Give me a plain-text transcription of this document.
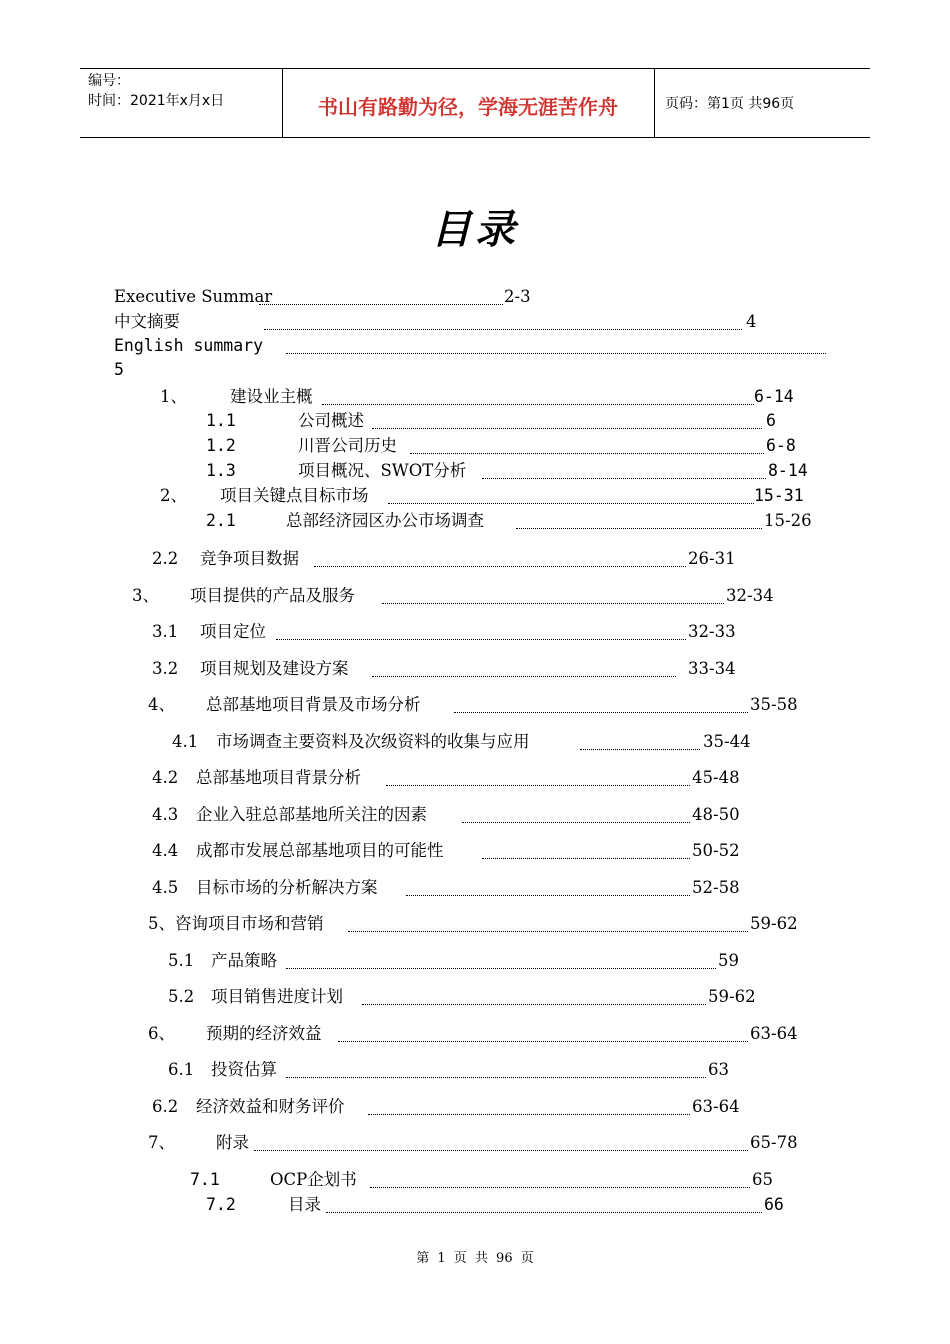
编号：
时间：2021年x月x日	书山有路勤为径，学海无涯苦作舟	页码：第1页 共96页
目录
Executive Summar	2-3
中文摘要	4
English summary
5
1、	建设业主概	6-14
1.1	公司概述	6
1.2	川晋公司历史	6-8
1.3	项目概况、SWOT分析	8-14
2、 项目关键点目标市场	15-31
2.1	总部经济园区办公市场调查	15-26
2.2 竞争项目数据	26-31
3、 项目提供的产品及服务	32-34
3.1 项目定位	32-33
3.2 项目规划及建设方案	33-34
4、 总部基地项目背景及市场分析	35-58
4.1 市场调查主要资料及次级资料的收集与应用	35-44
4.2 总部基地项目背景分析	45-48
4.3 企业入驻总部基地所关注的因素	48-50
4.4 成都市发展总部基地项目的可能性	50-52
4.5 目标市场的分析解决方案	52-58
5、咨询项目市场和营销	59-62
5.1 产品策略	59
5.2 项目销售进度计划	59-62
6、 预期的经济效益	63-64
6.1 投资估算	63
6.2 经济效益和财务评价	63-64
7、 附录	65-78
7.1	OCP企划书	65
7.2	目录	66
第 1 页 共 96 页
